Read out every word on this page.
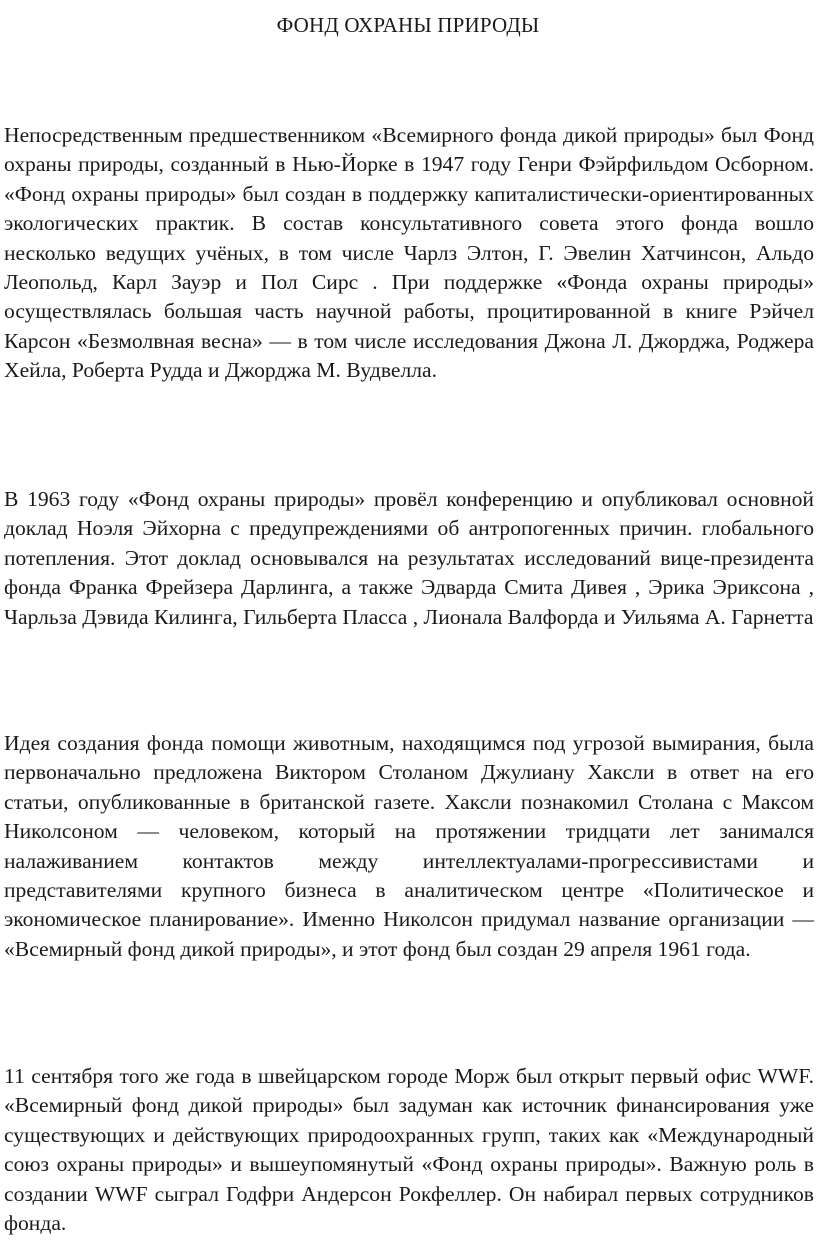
ФОНД ОХРАНЫ ПРИРОДЫ

Непосредственным предшественником «Всемирного фонда дикой природы» был Фонд охраны природы, созданный в Нью-Йорке в 1947 году Генри Фэйрфильдом Осборном. «Фонд охраны природы» был создан в поддержку капиталистически-ориентированных экологических практик. В состав консультативного совета этого фонда вошло несколько ведущих учёных, в том числе Чарлз Элтон, Г. Эвелин Хатчинсон, Альдо Леопольд, Карл Зауэр и Пол Сирс . При поддержке «Фонда охраны природы» осуществлялась большая часть научной работы, процитированной в книге Рэйчел Карсон «Безмолвная весна» — в том числе исследования Джона Л. Джорджа, Роджера Хейла, Роберта Рудда и Джорджа М. Вудвелла.

В 1963 году «Фонд охраны природы» провёл конференцию и опубликовал основной доклад Ноэля Эйхорна с предупреждениями об антропогенных причин. глобального потепления. Этот доклад основывался на результатах исследований вице-президента фонда Франка Фрейзера Дарлинга, а также Эдварда Смита Дивея , Эрика Эриксона , Чарльза Дэвида Килинга, Гильберта Пласса , Лионала Валфорда и Уильяма А. Гарнетта

Идея создания фонда помощи животным, находящимся под угрозой вымирания, была первоначально предложена Виктором Столаном Джулиану Хаксли в ответ на его статьи, опубликованные в британской газете. Хаксли познакомил Столана с Максом Николсоном — человеком, который на протяжении тридцати лет занимался налаживанием контактов между интеллектуалами-прогрессивистами и представителями крупного бизнеса в аналитическом центре «Политическое и экономическое планирование». Именно Николсон придумал название организации — «Всемирный фонд дикой природы», и этот фонд был создан 29 апреля 1961 года.

11 сентября того же года в швейцарском городе Морж был открыт первый офис WWF. «Всемирный фонд дикой природы» был задуман как источник финансирования уже существующих и действующих природоохранных групп, таких как «Международный союз охраны природы» и вышеупомянутый «Фонд охраны природы». Важную роль в создании WWF сыграл Годфри Андерсон Рокфеллер. Он набирал первых сотрудников фонда.
